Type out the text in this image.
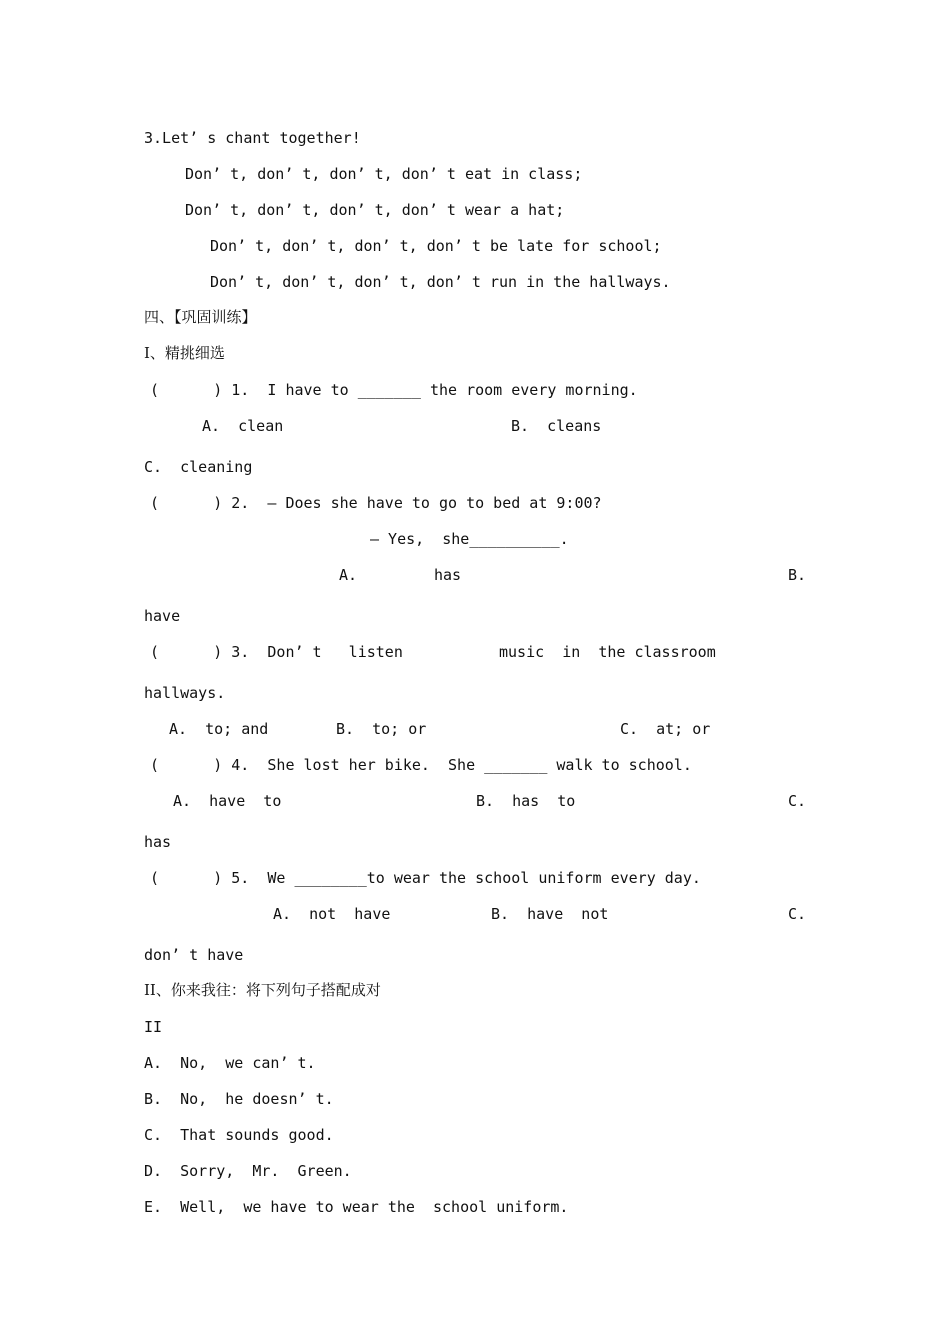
3.Let’ s chant together!
Don’ t, don’ t, don’ t, don’ t eat in class;
Don’ t, don’ t, don’ t, don’ t wear a hat;
Don’ t, don’ t, don’ t, don’ t be late for school;
Don’ t, don’ t, don’ t, don’ t run in the hallways.
四、【巩固训练】
I、精挑细选
(      ) 1.  I have to _______ the room every morning.
A.  clean	B.  cleans
C.  cleaning
(      ) 2.  — Does she have to go to bed at 9:00?
— Yes,  she__________.
A.	has	B.
have
(      ) 3.  Don’ t   listen	music  in  the classroom
hallways.
A.  to; and	B.  to; or	C.  at; or
(      ) 4.  She lost her bike.  She _______ walk to school.
A.  have  to	B.  has  to	C.
has
(      ) 5.  We ________to wear the school uniform every day.
A.  not  have	B.  have  not	C.
don’ t have
II、你来我往：将下列句子搭配成对
II
A.  No,  we can’ t.
B.  No,  he doesn’ t.
C.  That sounds good.
D.  Sorry,  Mr.  Green.
E.  Well,  we have to wear the  school uniform.
